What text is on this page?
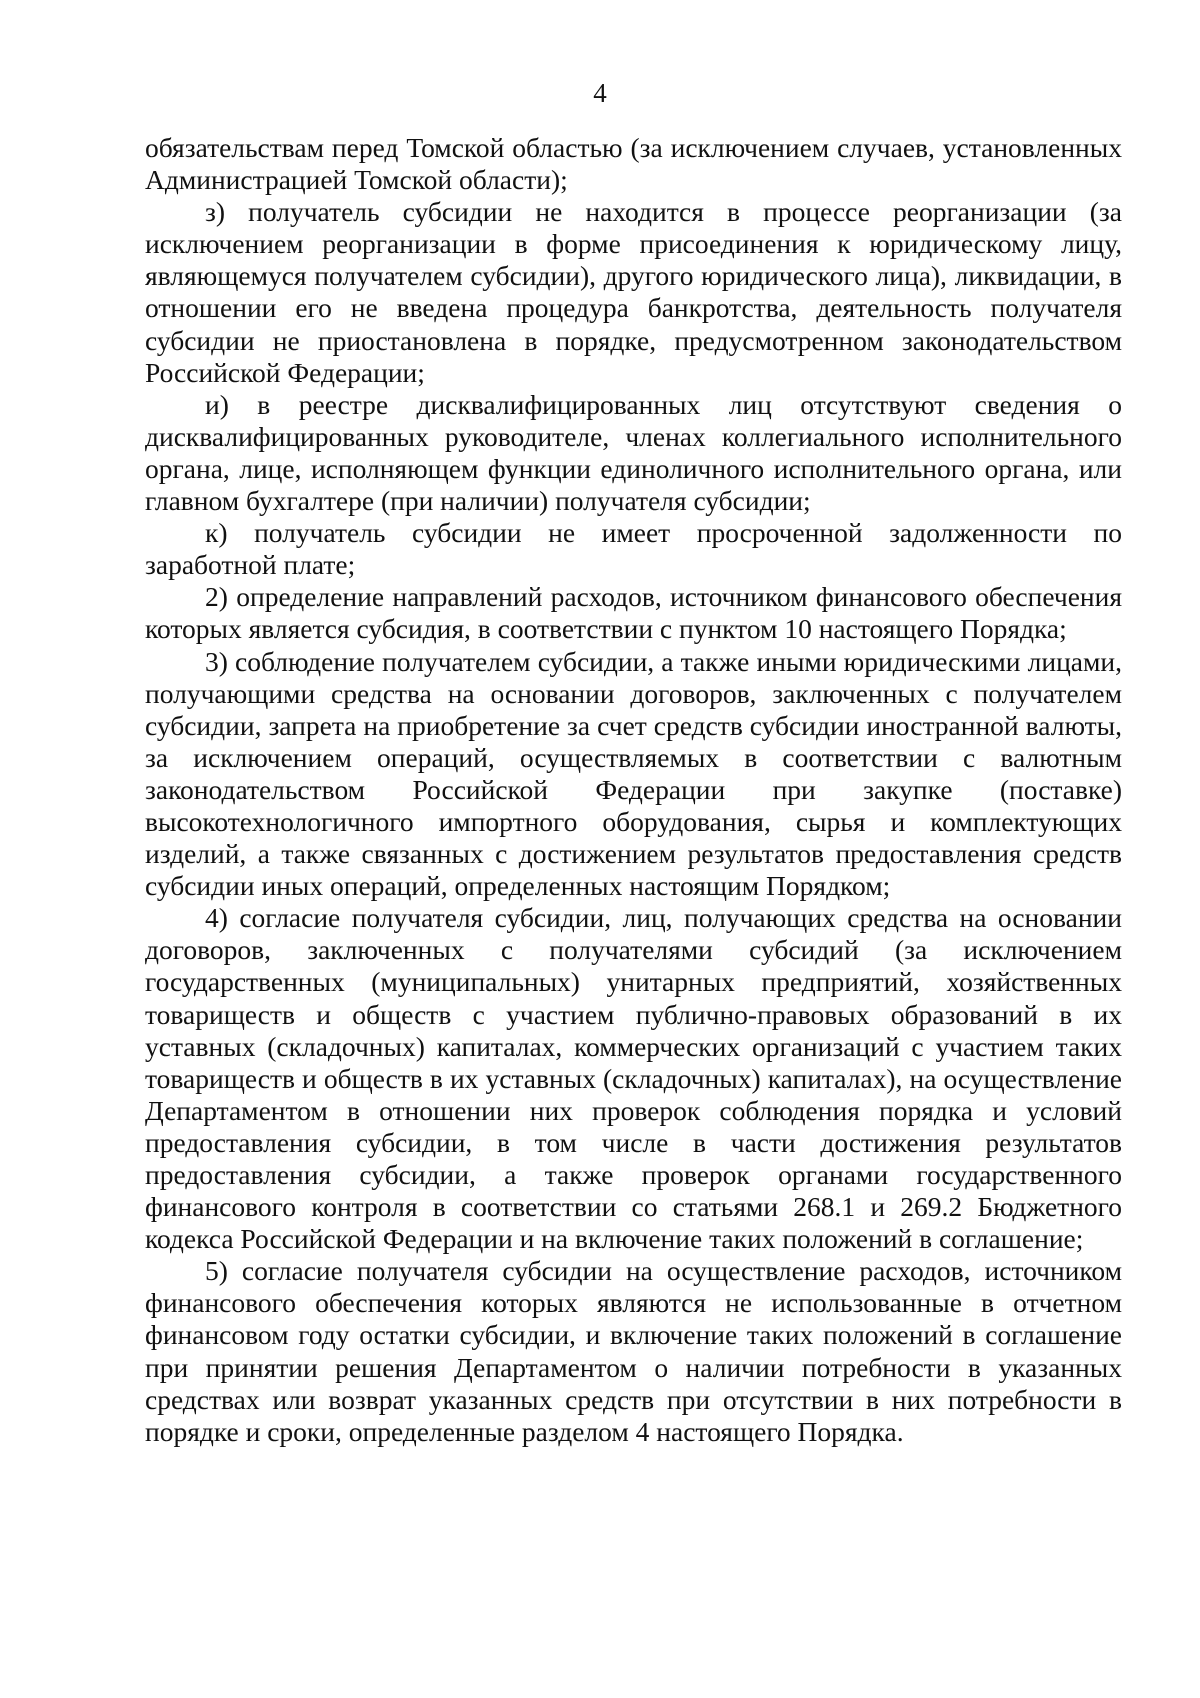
4

обязательствам перед Томской областью (за исключением случаев, установленных Администрацией Томской области);

з) получатель субсидии не находится в процессе реорганизации (за исключением реорганизации в форме присоединения к юридическому лицу, являющемуся получателем субсидии), другого юридического лица), ликвидации, в отношении его не введена процедура банкротства, деятельность получателя субсидии не приостановлена в порядке, предусмотренном законодательством Российской Федерации;

и) в реестре дисквалифицированных лиц отсутствуют сведения о дисквалифицированных руководителе, членах коллегиального исполнительного органа, лице, исполняющем функции единоличного исполнительного органа, или главном бухгалтере (при наличии) получателя субсидии;

к) получатель субсидии не имеет просроченной задолженности по заработной плате;

2) определение направлений расходов, источником финансового обеспечения которых является субсидия, в соответствии с пунктом 10 настоящего Порядка;

3) соблюдение получателем субсидии, а также иными юридическими лицами, получающими средства на основании договоров, заключенных с получателем субсидии, запрета на приобретение за счет средств субсидии иностранной валюты, за исключением операций, осуществляемых в соответствии с валютным законодательством Российской Федерации при закупке (поставке) высокотехнологичного импортного оборудования, сырья и комплектующих изделий, а также связанных с достижением результатов предоставления средств субсидии иных операций, определенных настоящим Порядком;

4) согласие получателя субсидии, лиц, получающих средства на основании договоров, заключенных с получателями субсидий (за исключением государственных (муниципальных) унитарных предприятий, хозяйственных товариществ и обществ с участием публично-правовых образований в их уставных (складочных) капиталах, коммерческих организаций с участием таких товариществ и обществ в их уставных (складочных) капиталах), на осуществление Департаментом в отношении них проверок соблюдения порядка и условий предоставления субсидии, в том числе в части достижения результатов предоставления субсидии, а также проверок органами государственного финансового контроля в соответствии со статьями 268.1 и 269.2 Бюджетного кодекса Российской Федерации и на включение таких положений в соглашение;

5) согласие получателя субсидии на осуществление расходов, источником финансового обеспечения которых являются не использованные в отчетном финансовом году остатки субсидии, и включение таких положений в соглашение при принятии решения Департаментом о наличии потребности в указанных средствах или возврат указанных средств при отсутствии в них потребности в порядке и сроки, определенные разделом 4 настоящего Порядка.
